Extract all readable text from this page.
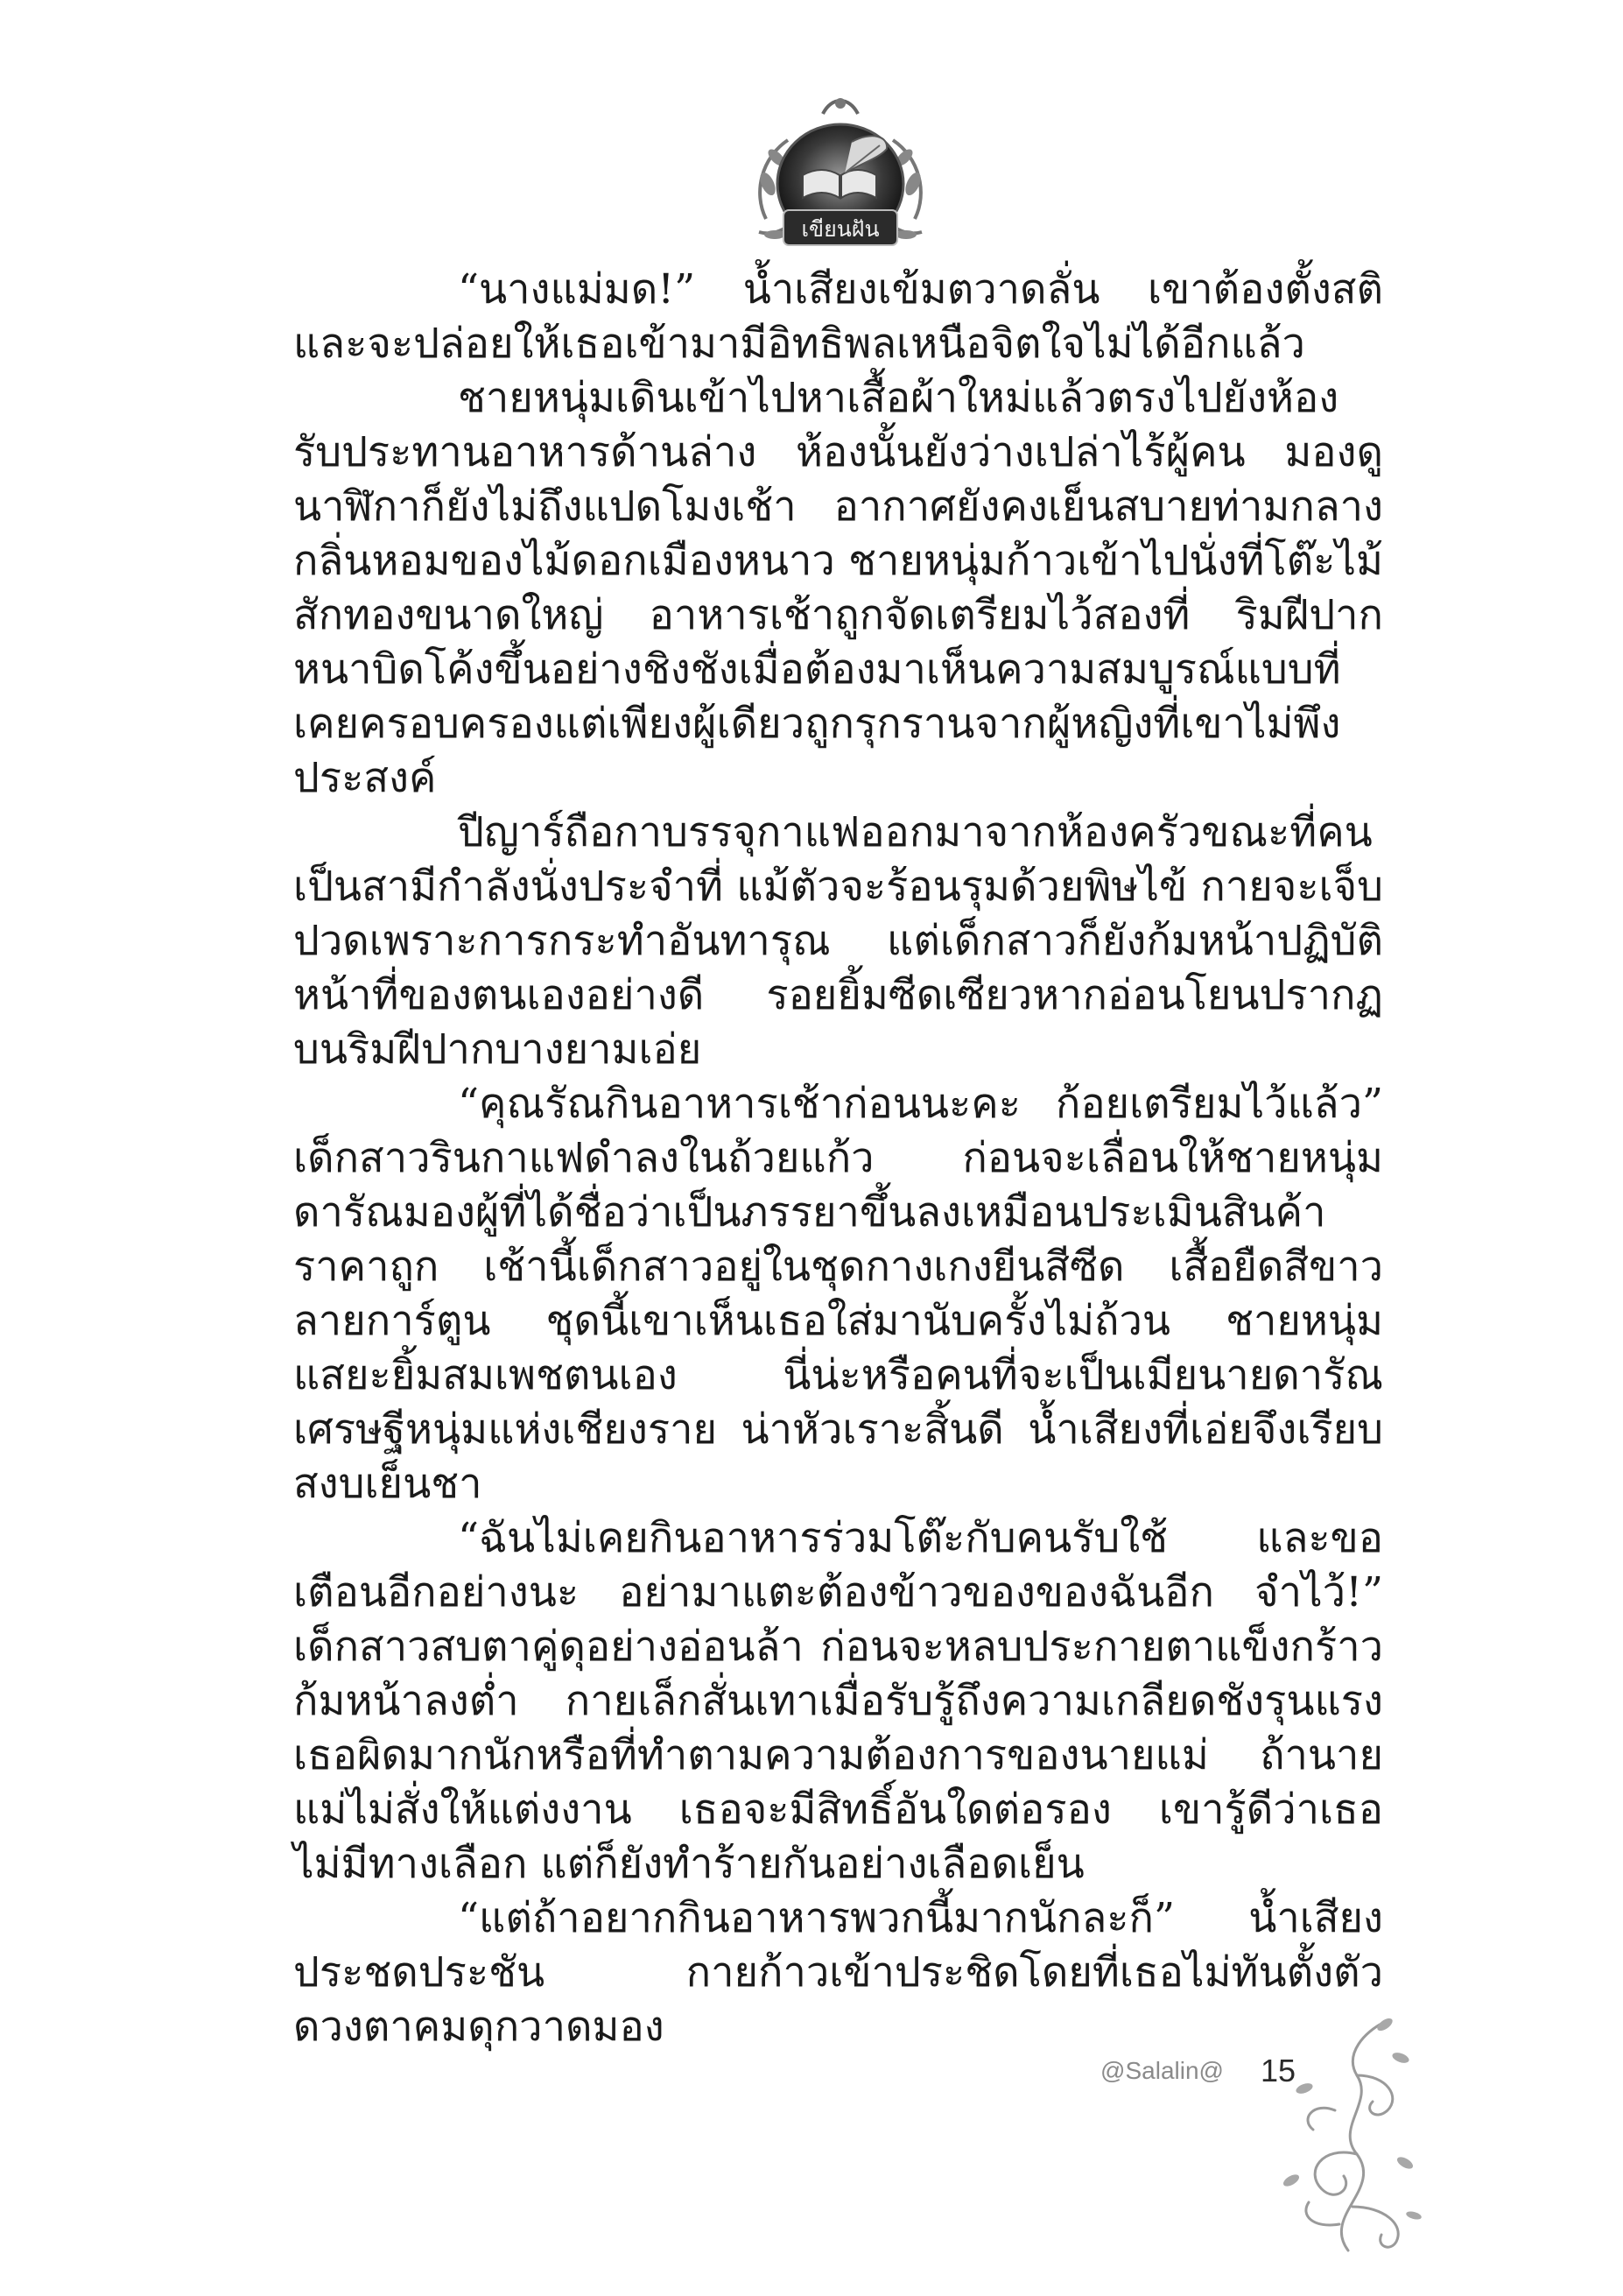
เขียนฝัน

“นางแม่มด!” น้ำเสียงเข้มตวาดลั่น เขาต้องตั้งสติและจะปล่อยให้เธอเข้ามามีอิทธิพลเหนือจิตใจไม่ได้อีกแล้ว

ชายหนุ่มเดินเข้าไปหาเสื้อผ้าใหม่แล้วตรงไปยังห้องรับประทานอาหารด้านล่าง ห้องนั้นยังว่างเปล่าไร้ผู้คน มองดูนาฬิกาก็ยังไม่ถึงแปดโมงเช้า อากาศยังคงเย็นสบายท่ามกลางกลิ่นหอมของไม้ดอกเมืองหนาว ชายหนุ่มก้าวเข้าไปนั่งที่โต๊ะไม้สักทองขนาดใหญ่ อาหารเช้าถูกจัดเตรียมไว้สองที่ ริมฝีปากหนาบิดโค้งขึ้นอย่างชิงชังเมื่อต้องมาเห็นความสมบูรณ์แบบที่เคยครอบครองแต่เพียงผู้เดียวถูกรุกรานจากผู้หญิงที่เขาไม่พึงประสงค์

ปีญาร์ถือกาบรรจุกาแฟออกมาจากห้องครัวขณะที่คนเป็นสามีกำลังนั่งประจำที่ แม้ตัวจะร้อนรุมด้วยพิษไข้ กายจะเจ็บปวดเพราะการกระทำอันทารุณ แต่เด็กสาวก็ยังก้มหน้าปฏิบัติหน้าที่ของตนเองอย่างดี รอยยิ้มซีดเซียวหากอ่อนโยนปรากฏบนริมฝีปากบางยามเอ่ย

“คุณรัณกินอาหารเช้าก่อนนะคะ ก้อยเตรียมไว้แล้ว” เด็กสาวรินกาแฟดำลงในถ้วยแก้ว ก่อนจะเลื่อนให้ชายหนุ่ม ดารัณมองผู้ที่ได้ชื่อว่าเป็นภรรยาขึ้นลงเหมือนประเมินสินค้าราคาถูก เช้านี้เด็กสาวอยู่ในชุดกางเกงยีนสีซีด เสื้อยืดสีขาวลายการ์ตูน ชุดนี้เขาเห็นเธอใส่มานับครั้งไม่ถ้วน ชายหนุ่มแสยะยิ้มสมเพชตนเอง นี่น่ะหรือคนที่จะเป็นเมียนายดารัณ เศรษฐีหนุ่มแห่งเชียงราย น่าหัวเราะสิ้นดี น้ำเสียงที่เอ่ยจึงเรียบสงบเย็นชา

“ฉันไม่เคยกินอาหารร่วมโต๊ะกับคนรับใช้ และขอเตือนอีกอย่างนะ อย่ามาแตะต้องข้าวของของฉันอีก จำไว้!” เด็กสาวสบตาคู่ดุอย่างอ่อนล้า ก่อนจะหลบประกายตาแข็งกร้าวก้มหน้าลงต่ำ กายเล็กสั่นเทาเมื่อรับรู้ถึงความเกลียดชังรุนแรง เธอผิดมากนักหรือที่ทำตามความต้องการของนายแม่ ถ้านายแม่ไม่สั่งให้แต่งงาน เธอจะมีสิทธิ์อันใดต่อรอง เขารู้ดีว่าเธอไม่มีทางเลือก แต่ก็ยังทำร้ายกันอย่างเลือดเย็น

“แต่ถ้าอยากกินอาหารพวกนี้มากนักละก็” น้ำเสียงประชดประชัน กายก้าวเข้าประชิดโดยที่เธอไม่ทันตั้งตัว ดวงตาคมดุกวาดมอง

@Salalin@ 15
